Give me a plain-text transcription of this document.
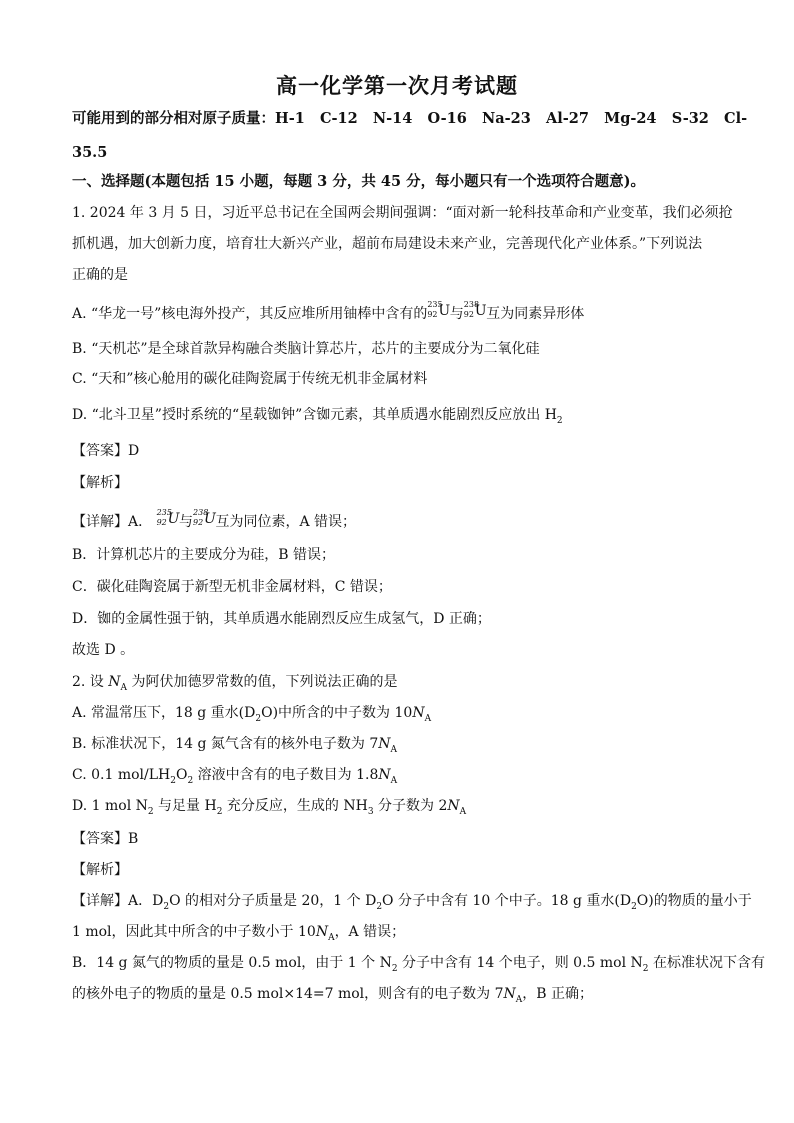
高一化学第一次月考试题
可能用到的部分相对原子质量：H-1 C-12 N-14 O-16 Na-23 Al-27 Mg-24 S-32 Cl-
35.5
一、选择题(本题包括 15 小题，每题 3 分，共 45 分，每小题只有一个选项符合题意)。
1. 2024 年 3 月 5 日，习近平总书记在全国两会期间强调：“面对新一轮科技革命和产业变革，我们必须抢
抓机遇，加大创新力度，培育壮大新兴产业，超前布局建设未来产业，完善现代化产业体系。”下列说法
正确的是
A. “华龙一号”核电海外投产，其反应堆所用铀棒中含有的
235
92 U 与
238
92 U 互为同素异形体
B. “天机芯”是全球首款异构融合类脑计算芯片，芯片的主要成分为二氧化硅
C. “天和”核心舱用的碳化硅陶瓷属于传统无机非金属材料
D. “北斗卫星”授时系统的“星载铷钟”含铷元素，其单质遇水能剧烈反应放出 $H_2$
【答案】D
【解析】
【详解】A．
235
92 U 与
238
92 U 互为同位素，A 错误；
B．计算机芯片的主要成分为硅，B 错误；
C．碳化硅陶瓷属于新型无机非金属材料，C 错误；
D．铷的金属性强于钠，其单质遇水能剧烈反应生成氢气，D 正确；
故选 D 。
2. 设 $N_A$ 为阿伏加德罗常数的值，下列说法正确的是
A. 常温常压下，18 g 重水$(D_2O)$中所含的中子数为 $10N_A$
B. 标准状况下，14 g 氮气含有的核外电子数为 $7N_A$
C. 0.1 mol/$LH_2O_2$ 溶液中含有的电子数目为 $1.8N_A$
D. 1 mol $N_2$ 与足量 $H_2$ 充分反应，生成的 $NH_3$ 分子数为 $2N_A$
【答案】B
【解析】
【详解】A．$D_2O$ 的相对分子质量是 20，1 个 $D_2O$ 分子中含有 10 个中子。18 g 重水$(D_2O)$的物质的量小于
1 mol，因此其中所含的中子数小于 $10N_A$，A 错误；
B．14 g 氮气的物质的量是 0.5 mol，由于 1 个 $N_2$ 分子中含有 14 个电子，则 0.5 mol $N_2$ 在标准状况下含有
的核外电子的物质的量是 0.5 mol×14=7 mol，则含有的电子数为 $7N_A$，B 正确；
